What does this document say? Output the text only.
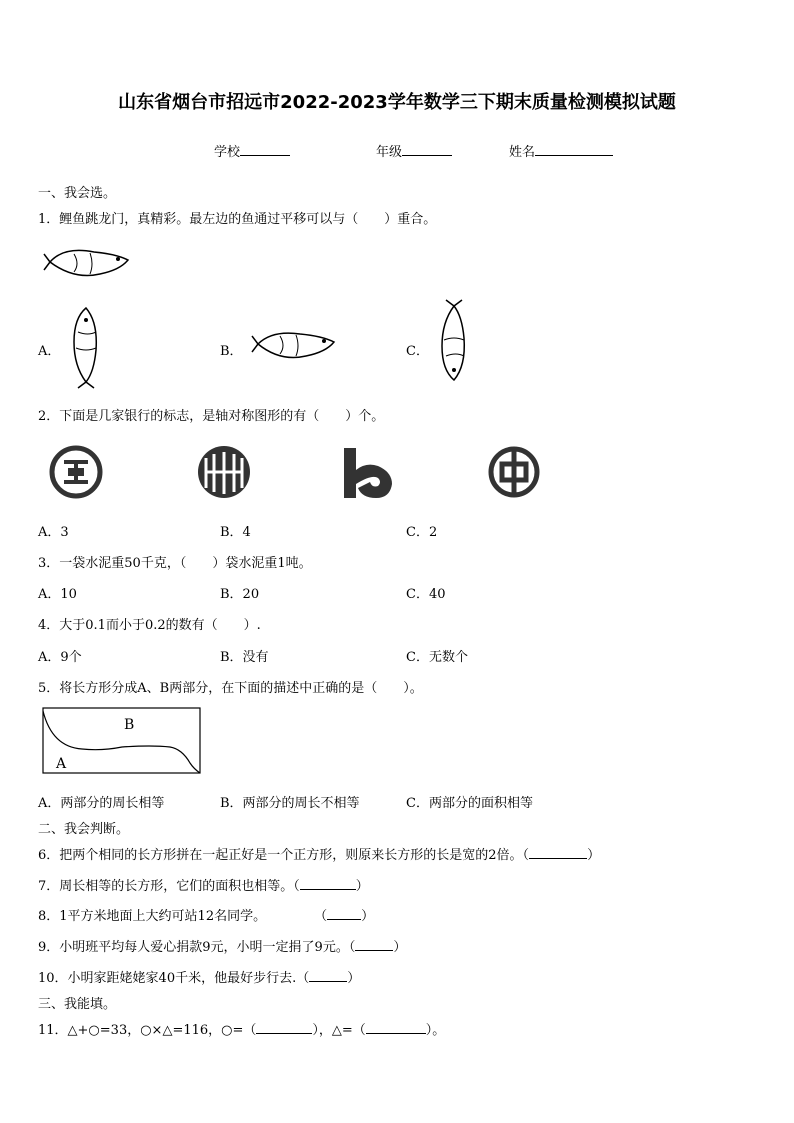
山东省烟台市招远市2022-2023学年数学三下期末质量检测模拟试题
学校	年级	姓名
一、我会选。
1．鲤鱼跳龙门，真精彩。最左边的鱼通过平移可以与（　　）重合。
A．	B．	C．
2．下面是几家银行的标志，是轴对称图形的有（　　）个。
A．3	B．4	C．2
3．一袋水泥重50千克，（　　）袋水泥重1吨。
A．10	B．20	C．40
4．大于0.1而小于0.2的数有（　　）.
A．9个	B．没有	C．无数个
5．将长方形分成A、B两部分，在下面的描述中正确的是（　　）。
B
A
A．两部分的周长相等	B．两部分的周长不相等	C．两部分的面积相等
二、我会判断。
6．把两个相同的长方形拼在一起正好是一个正方形，则原来长方形的长是宽的2倍。（	）
7．周长相等的长方形，它们的面积也相等。（	）
8．1平方米地面上大约可站12名同学。	（	）
9．小明班平均每人爱心捐款9元，小明一定捐了9元。（	）
10．小明家距姥姥家40千米，他最好步行去.（	）
三、我能填。
11．△+○=33，○×△=116，○=（	），△=（	）。
